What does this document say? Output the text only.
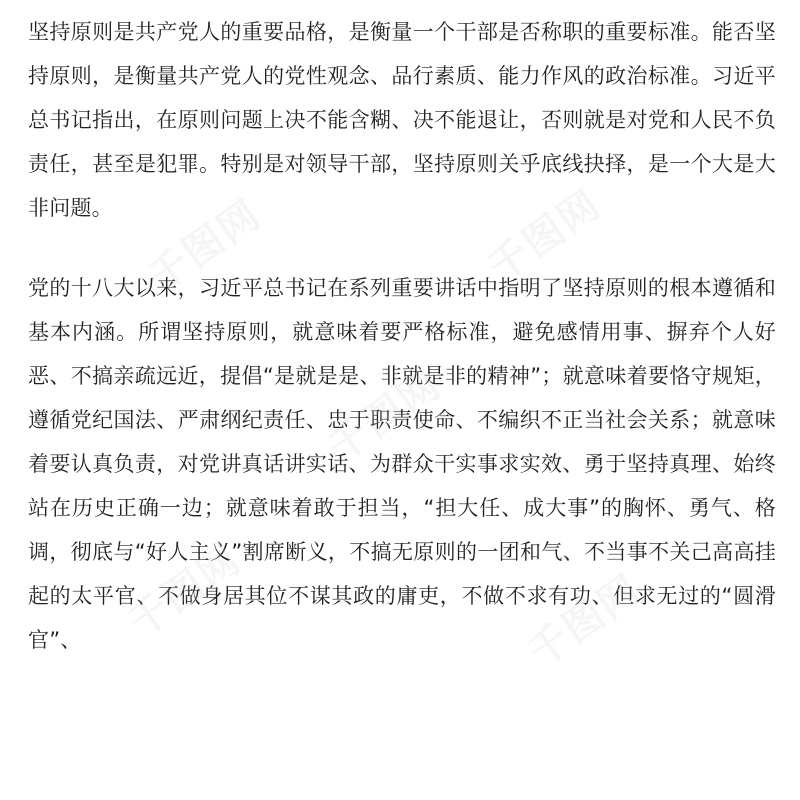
坚持原则是共产党人的重要品格，是衡量一个干部是否称职的重要标准。能否坚持原则，是衡量共产党人的党性观念、品行素质、能力作风的政治标准。习近平总书记指出，在原则问题上决不能含糊、决不能退让，否则就是对党和人民不负责任，甚至是犯罪。特别是对领导干部，坚持原则关乎底线抉择，是一个大是大非问题。

党的十八大以来，习近平总书记在系列重要讲话中指明了坚持原则的根本遵循和基本内涵。所谓坚持原则，就意味着要严格标准，避免感情用事、摒弃个人好恶、不搞亲疏远近，提倡“是就是是、非就是非的精神”；就意味着要恪守规矩，遵循党纪国法、严肃纲纪责任、忠于职责使命、不编织不正当社会关系；就意味着要认真负责，对党讲真话讲实话、为群众干实事求实效、勇于坚持真理、始终站在历史正确一边；就意味着敢于担当，“担大任、成大事”的胸怀、勇气、格调，彻底与“好人主义”割席断义，不搞无原则的一团和气、不当事不关己高高挂起的太平官、不做身居其位不谋其政的庸吏，不做不求有功、但求无过的“圆滑官”、

千图网	千图网
千图网
千图网	千图网
